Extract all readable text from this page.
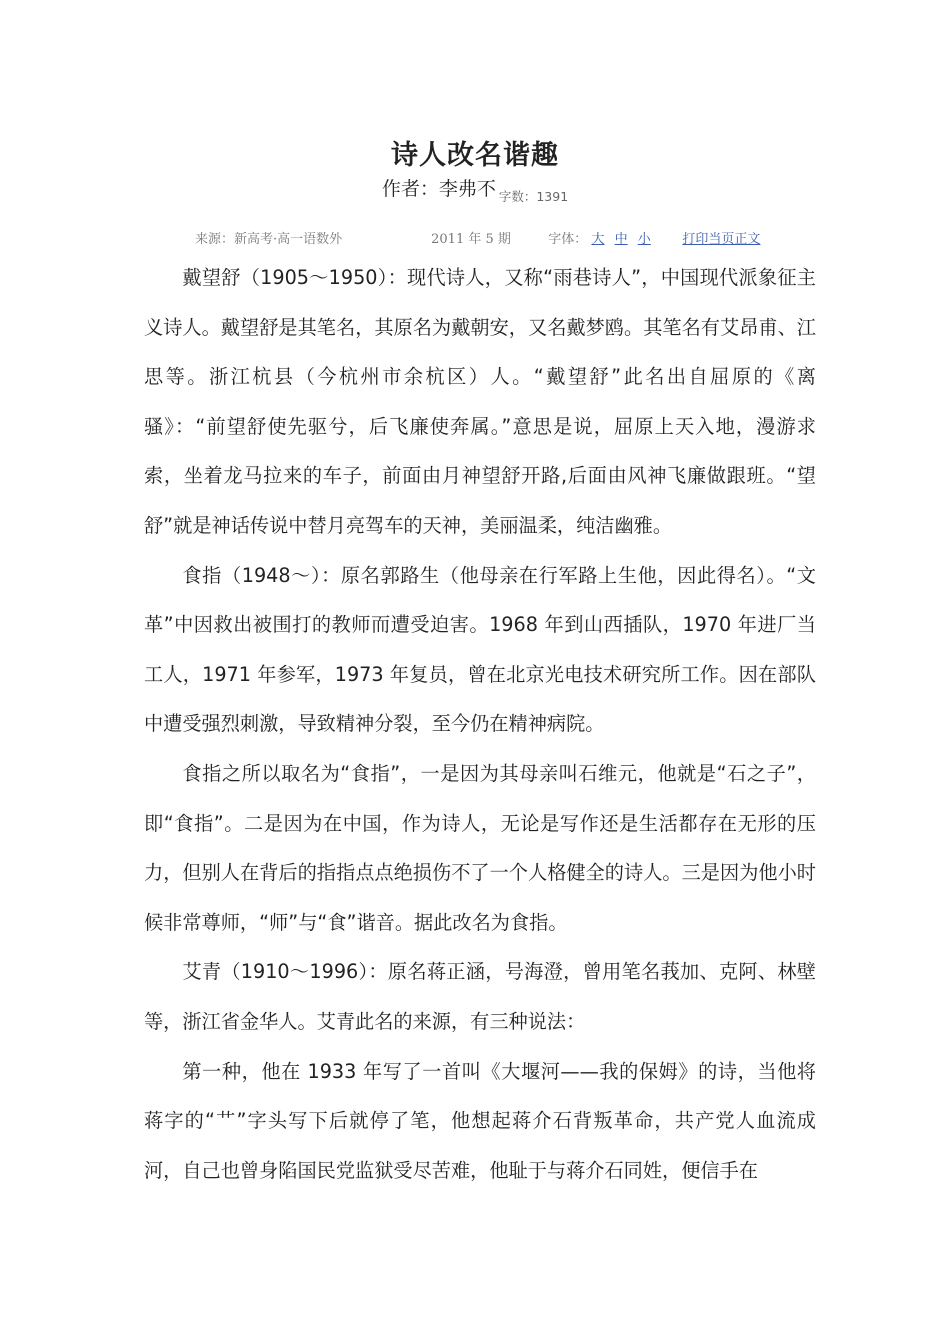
诗人改名谐趣
作者：李弗不 $_{字数:1391}$
来源：新高考·高一语数外	2011 年 5 期	字体： 大 中 小 打印当页正文

戴望舒（1905～1950）：现代诗人，又称“雨巷诗人”，中国现代派象征主义诗人。戴望舒是其笔名，其原名为戴朝安，又名戴梦鸥。其笔名有艾昂甫、江思等。浙江杭县（今杭州市余杭区）人。“戴望舒”此名出自屈原的《离骚》：“前望舒使先驱兮，后飞廉使奔属。”意思是说，屈原上天入地，漫游求索，坐着龙马拉来的车子，前面由月神望舒开路,后面由风神飞廉做跟班。“望舒”就是神话传说中替月亮驾车的天神，美丽温柔，纯洁幽雅。

食指（1948～）：原名郭路生（他母亲在行军路上生他，因此得名）。“文革”中因救出被围打的教师而遭受迫害。1968 年到山西插队，1970 年进厂当工人，1971 年参军，1973 年复员，曾在北京光电技术研究所工作。因在部队中遭受强烈刺激，导致精神分裂，至今仍在精神病院。

食指之所以取名为“食指”，一是因为其母亲叫石维元，他就是“石之子”，即“食指”。二是因为在中国，作为诗人，无论是写作还是生活都存在无形的压力，但别人在背后的指指点点绝损伤不了一个人格健全的诗人。三是因为他小时候非常尊师，“师”与“食”谐音。据此改名为食指。

艾青（1910～1996）：原名蒋正涵，号海澄，曾用笔名莪加、克阿、林壁等，浙江省金华人。艾青此名的来源，有三种说法：

第一种，他在 1933 年写了一首叫《大堰河——我的保姆》的诗，当他将蒋字的“艹”字头写下后就停了笔，他想起蒋介石背叛革命，共产党人血流成河，自己也曾身陷国民党监狱受尽苦难，他耻于与蒋介石同姓，便信手在
